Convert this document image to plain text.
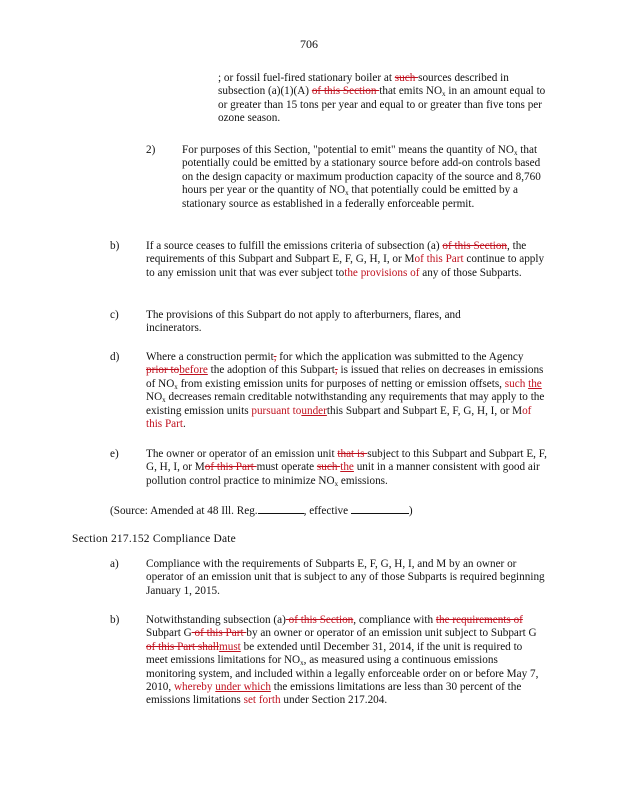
706
; or fossil fuel-fired stationary boiler at such sources described in subsection (a)(1)(A) of this Section that emits $NO_x$ in an amount equal to or greater than 15 tons per year and equal to or greater than five tons per ozone season.
2) For purposes of this Section, "potential to emit" means the quantity of $NO_x$ that potentially could be emitted by a stationary source before add-on controls based on the design capacity or maximum production capacity of the source and 8,760 hours per year or the quantity of $NO_x$ that potentially could be emitted by a stationary source as established in a federally enforceable permit.
b) If a source ceases to fulfill the emissions criteria of subsection (a) of this Section, the requirements of this Subpart and Subpart E, F, G, H, I, or Mof this Part continue to apply to any emission unit that was ever subject tothe provisions of any of those Subparts.
c) The provisions of this Subpart do not apply to afterburners, flares, and incinerators.
d) Where a construction permit, for which the application was submitted to the Agency prior tobefore the adoption of this Subpart, is issued that relies on decreases in emissions of $NO_x$ from existing emission units for purposes of netting or emission offsets, such the $NO_x$ decreases remain creditable notwithstanding any requirements that may apply to the existing emission units pursuant tounderthis Subpart and Subpart E, F, G, H, I, or Mof this Part.
e) The owner or operator of an emission unit that is subject to this Subpart and Subpart E, F, G, H, I, or Mof this Part must operate such the unit in a manner consistent with good air pollution control practice to minimize $NO_x$ emissions.
(Source: Amended at 48 Ill. Reg.	, effective	)
Section 217.152 Compliance Date
a) Compliance with the requirements of Subparts E, F, G, H, I, and M by an owner or operator of an emission unit that is subject to any of those Subparts is required beginning January 1, 2015.
b) Notwithstanding subsection (a) of this Section, compliance with the requirements of Subpart G of this Part by an owner or operator of an emission unit subject to Subpart G of this Part shallmust be extended until December 31, 2014, if the unit is required to meet emissions limitations for $NO_x$, as measured using a continuous emissions monitoring system, and included within a legally enforceable order on or before May 7, 2010, whereby under which the emissions limitations are less than 30 percent of the emissions limitations set forth under Section 217.204.
